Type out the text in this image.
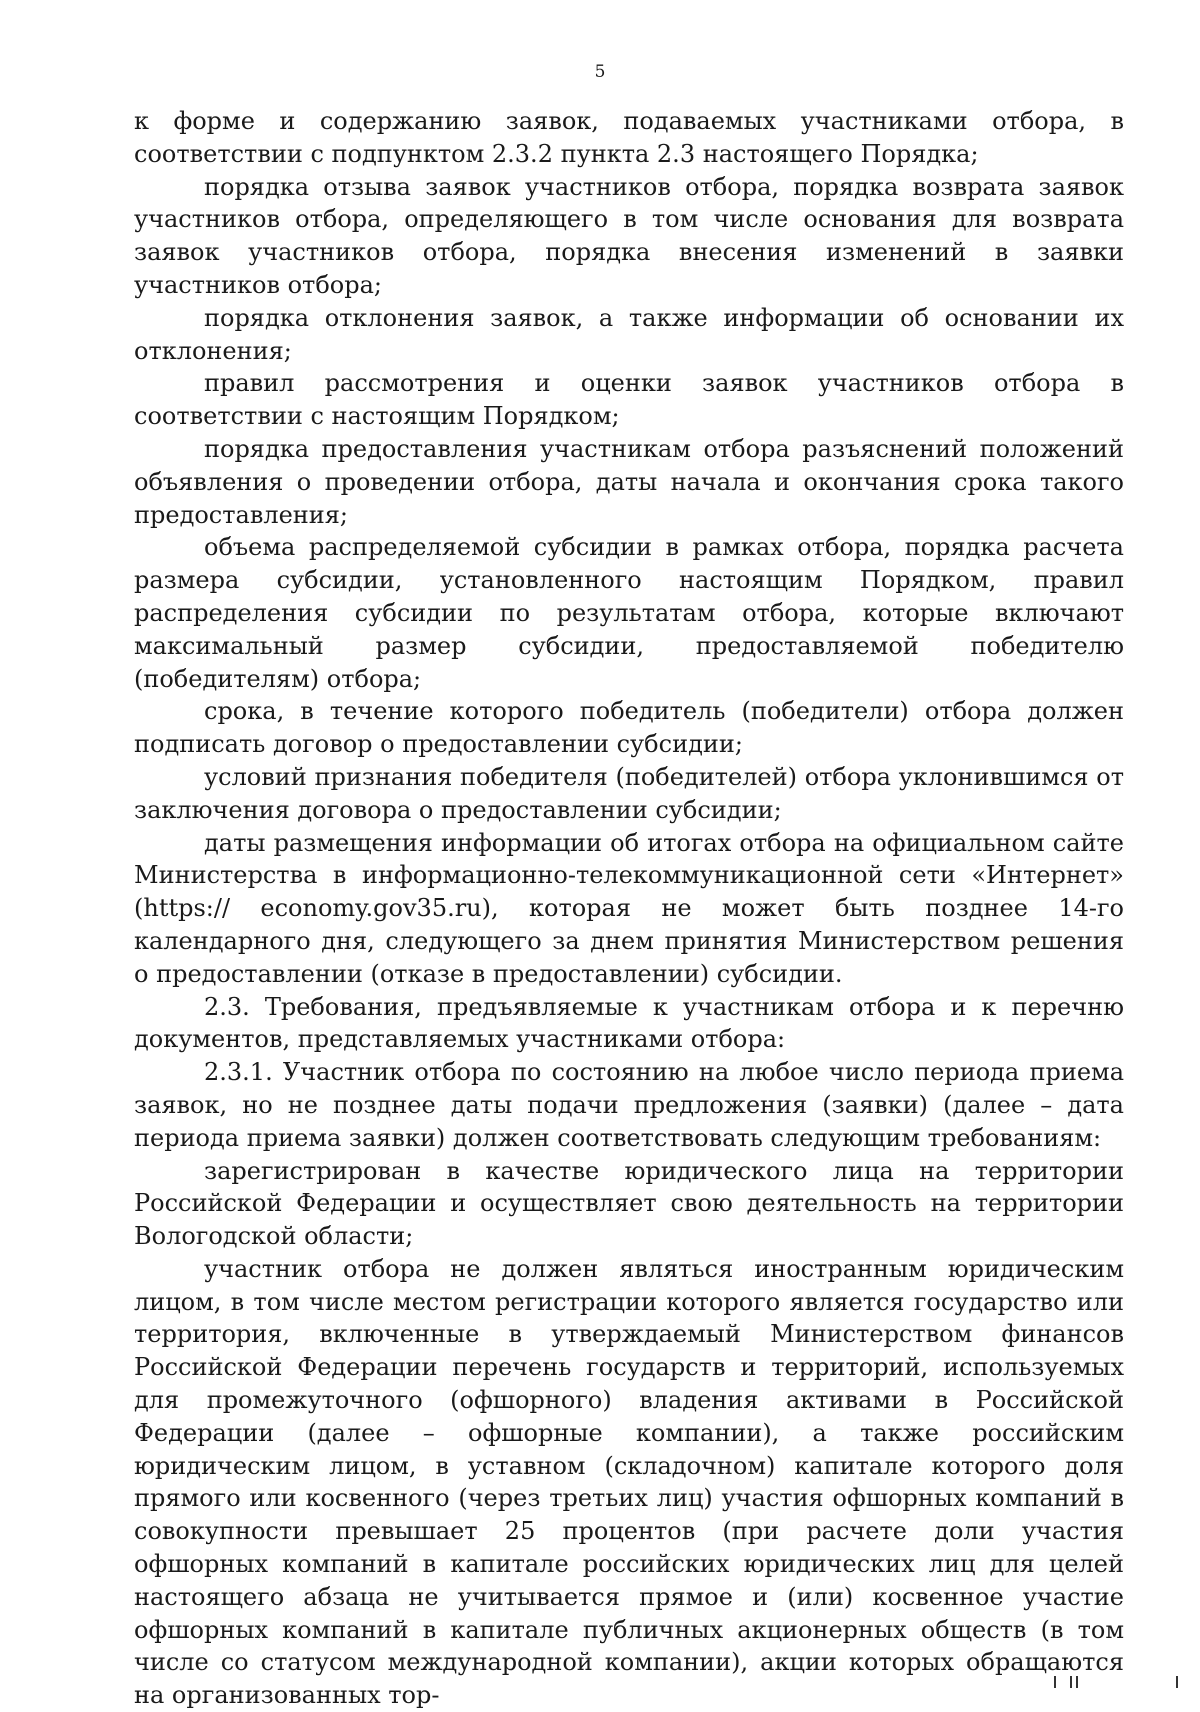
5

к форме и содержанию заявок, подаваемых участниками отбора, в соответствии с подпунктом 2.3.2 пункта 2.3 настоящего Порядка;

порядка отзыва заявок участников отбора, порядка возврата заявок участников отбора, определяющего в том числе основания для возврата заявок участников отбора, порядка внесения изменений в заявки участников отбора;

порядка отклонения заявок, а также информации об основании их отклонения;

правил рассмотрения и оценки заявок участников отбора в соответствии с настоящим Порядком;

порядка предоставления участникам отбора разъяснений положений объявления о проведении отбора, даты начала и окончания срока такого предоставления;

объема распределяемой субсидии в рамках отбора, порядка расчета размера субсидии, установленного настоящим Порядком, правил распределения субсидии по результатам отбора, которые включают максимальный размер субсидии, предоставляемой победителю (победителям) отбора;

срока, в течение которого победитель (победители) отбора должен подписать договор о предоставлении субсидии;

условий признания победителя (победителей) отбора уклонившимся от заключения договора о предоставлении субсидии;

даты размещения информации об итогах отбора на официальном сайте Министерства в информационно-телекоммуникационной сети «Интернет» (https:// economy.gov35.ru), которая не может быть позднее 14-го календарного дня, следующего за днем принятия Министерством решения о предоставлении (отказе в предоставлении) субсидии.

2.3. Требования, предъявляемые к участникам отбора и к перечню документов, представляемых участниками отбора:

2.3.1. Участник отбора по состоянию на любое число периода приема заявок, но не позднее даты подачи предложения (заявки) (далее – дата периода приема заявки) должен соответствовать следующим требованиям:

зарегистрирован в качестве юридического лица на территории Российской Федерации и осуществляет свою деятельность на территории Вологодской области;

участник отбора не должен являться иностранным юридическим лицом, в том числе местом регистрации которого является государство или территория, включенные в утверждаемый Министерством финансов Российской Федерации перечень государств и территорий, используемых для промежуточного (офшорного) владения активами в Российской Федерации (далее – офшорные компании), а также российским юридическим лицом, в уставном (складочном) капитале которого доля прямого или косвенного (через третьих лиц) участия офшорных компаний в совокупности превышает 25 процентов (при расчете доли участия офшорных компаний в капитале российских юридических лиц для целей настоящего абзаца не учитывается прямое и (или) косвенное участие офшорных компаний в капитале публичных акционерных обществ (в том числе со статусом международной компании), акции которых обращаются на организованных тор-
